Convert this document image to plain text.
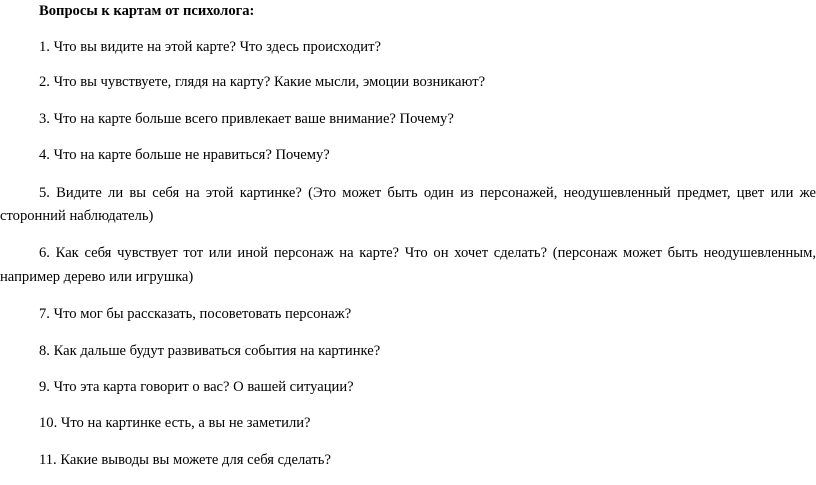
Вопросы к картам от психолога:
1. Что вы видите на этой карте? Что здесь происходит?
2. Что вы чувствуете, глядя на карту? Какие мысли, эмоции возникают?
3. Что на карте больше всего привлекает ваше внимание? Почему?
4. Что на карте больше не нравиться? Почему?
5. Видите ли вы себя на этой картинке? (Это может быть один из персонажей, неодушевленный предмет, цвет или же
сторонний наблюдатель)
6. Как себя чувствует тот или иной персонаж на карте? Что он хочет сделать? (персонаж может быть неодушевленным,
например дерево или игрушка)
7. Что мог бы рассказать, посоветовать персонаж?
8. Как дальше будут развиваться события на картинке?
9. Что эта карта говорит о вас? О вашей ситуации?
10. Что на картинке есть, а вы не заметили?
11. Какие выводы вы можете для себя сделать?
